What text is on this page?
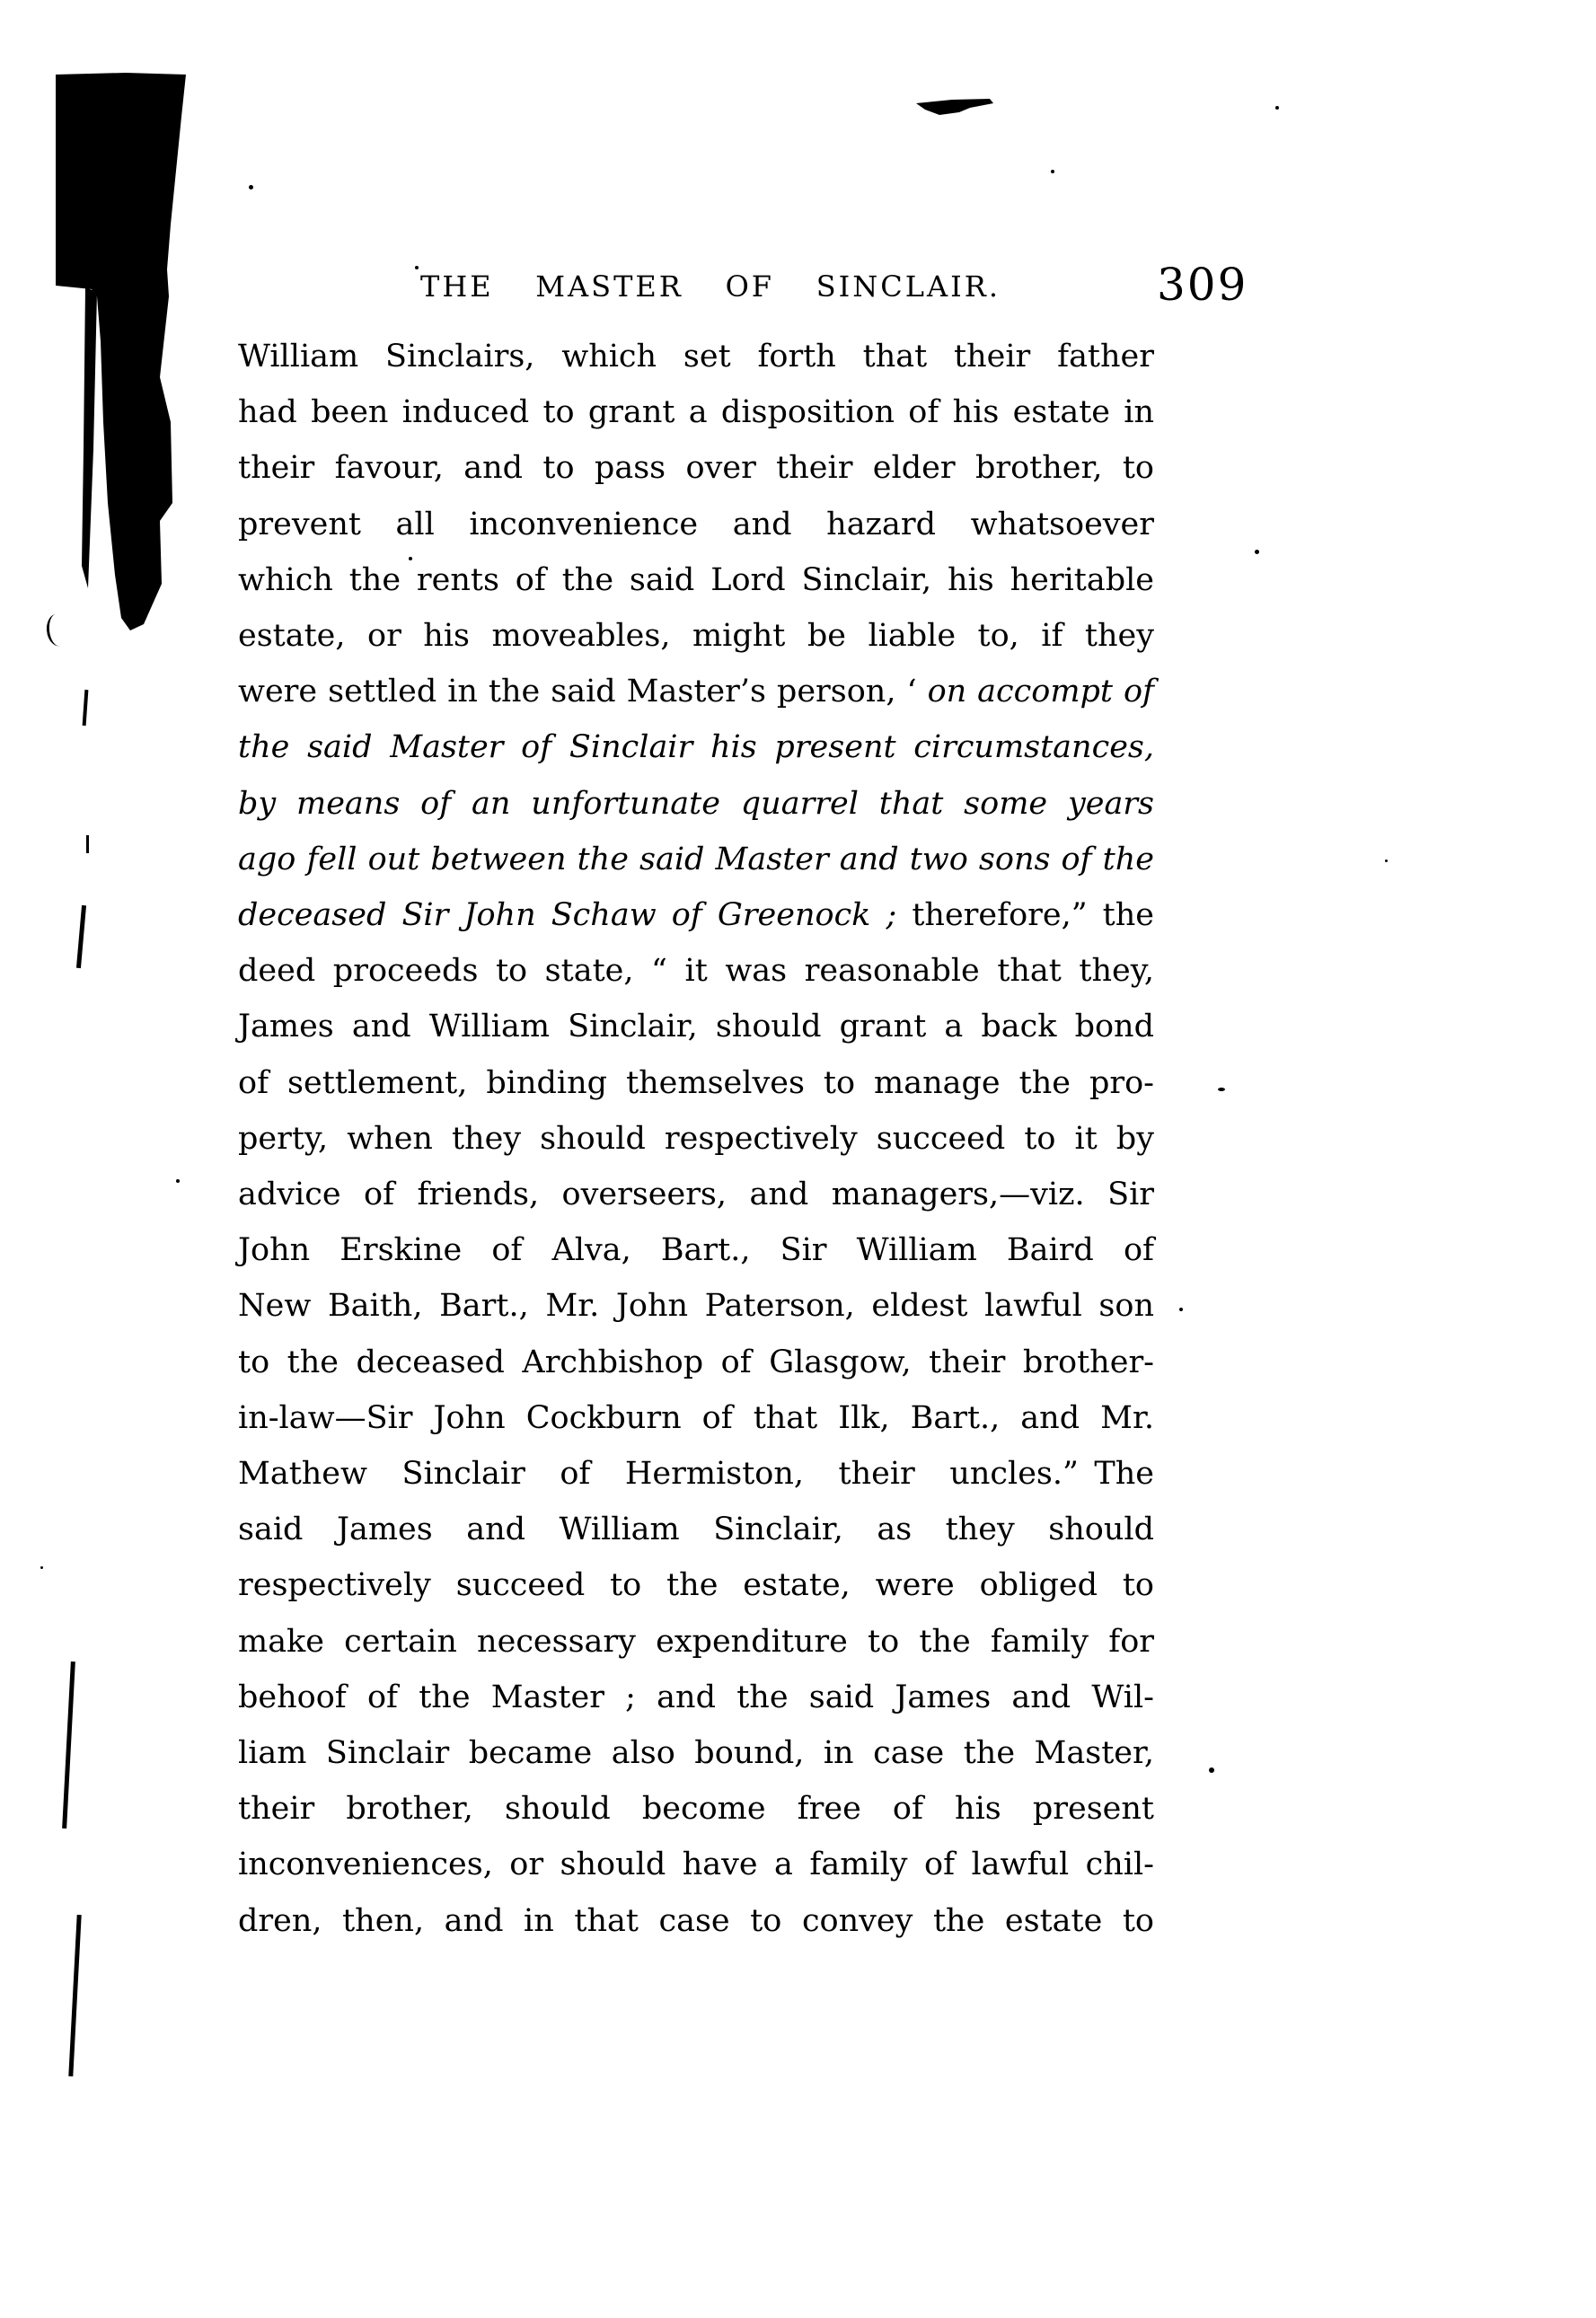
THE MASTER OF SINCLAIR.	309
William Sinclairs, which set forth that their father
had been induced to grant a disposition of his estate in
their favour, and to pass over their elder brother, to
prevent all inconvenience and hazard whatsoever
which the rents of the said Lord Sinclair, his heritable
estate, or his moveables, might be liable to, if they
were settled in the said Master’s person, ‘ on accompt of
the said Master of Sinclair his present circumstances,
by means of an unfortunate quarrel that some years
ago fell out between the said Master and two sons of the
deceased Sir John Schaw of Greenock ; therefore,” the
deed proceeds to state, “ it was reasonable that they,
James and William Sinclair, should grant a back bond
of settlement, binding themselves to manage the pro-
perty, when they should respectively succeed to it by
advice of friends, overseers, and managers,—viz. Sir
John Erskine of Alva, Bart., Sir William Baird of
New Baith, Bart., Mr. John Paterson, eldest lawful son
to the deceased Archbishop of Glasgow, their brother-
in-law—Sir John Cockburn of that Ilk, Bart., and Mr.
Mathew Sinclair of Hermiston, their uncles.” The
said James and William Sinclair, as they should
respectively succeed to the estate, were obliged to
make certain necessary expenditure to the family for
behoof of the Master ; and the said James and Wil-
liam Sinclair became also bound, in case the Master,
their brother, should become free of his present
inconveniences, or should have a family of lawful chil-
dren, then, and in that case to convey the estate to
